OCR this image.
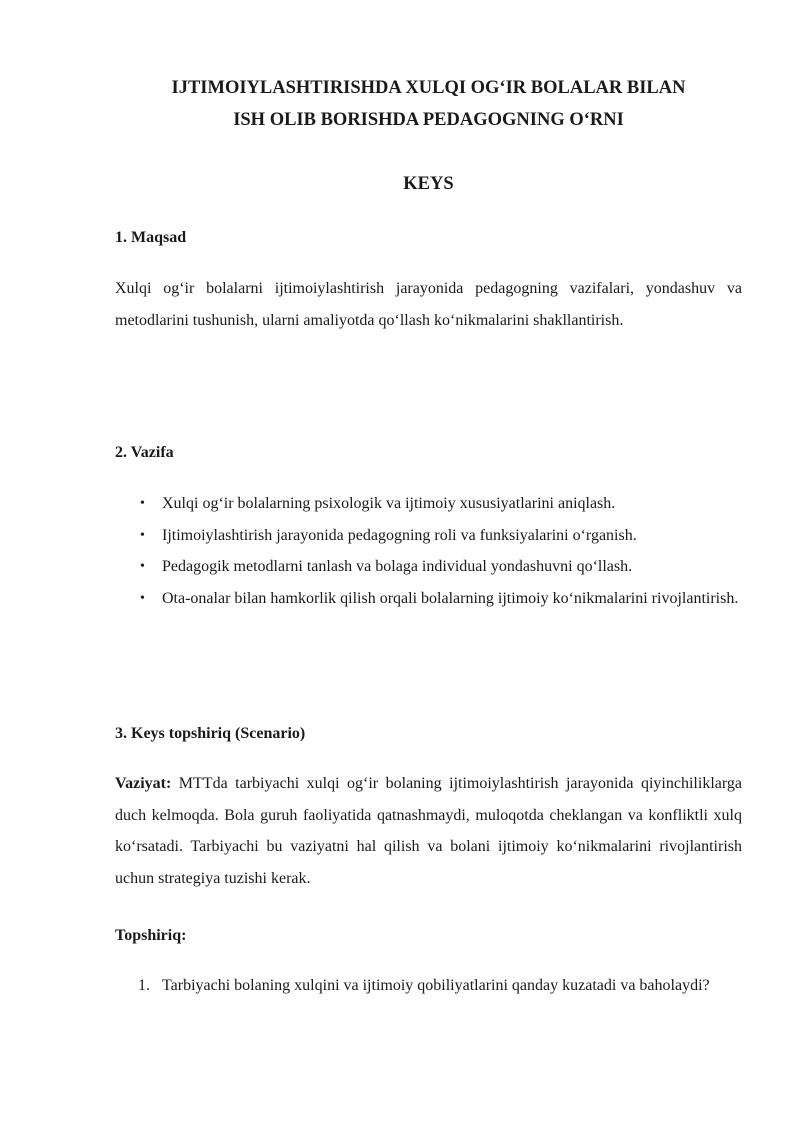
IJTIMOIYLASHTIRISHDA XULQI OG‘IR BOLALAR BILAN
ISH OLIB BORISHDA PEDAGOGNING O‘RNI
KEYS
1. Maqsad

Xulqi og‘ir bolalarni ijtimoiylashtirish jarayonida pedagogning vazifalari, yondashuv va metodlarini tushunish, ularni amaliyotda qo‘llash ko‘nikmalarini shakllantirish.

2. Vazifa
• Xulqi og‘ir bolalarning psixologik va ijtimoiy xususiyatlarini aniqlash.
• Ijtimoiylashtirish jarayonida pedagogning roli va funksiyalarini o‘rganish.
• Pedagogik metodlarni tanlash va bolaga individual yondashuvni qo‘llash.
• Ota-onalar bilan hamkorlik qilish orqali bolalarning ijtimoiy ko‘nikmalarini rivojlantirish.
3. Keys topshiriq (Scenario)

Vaziyat: MTTda tarbiyachi xulqi og‘ir bolaning ijtimoiylashtirish jarayonida qiyinchiliklarga duch kelmoqda. Bola guruh faoliyatida qatnashmaydi, muloqotda cheklangan va konfliktli xulq ko‘rsatadi. Tarbiyachi bu vaziyatni hal qilish va bolani ijtimoiy ko‘nikmalarini rivojlantirish uchun strategiya tuzishi kerak.

Topshiriq:
1. Tarbiyachi bolaning xulqini va ijtimoiy qobiliyatlarini qanday kuzatadi va baholaydi?
